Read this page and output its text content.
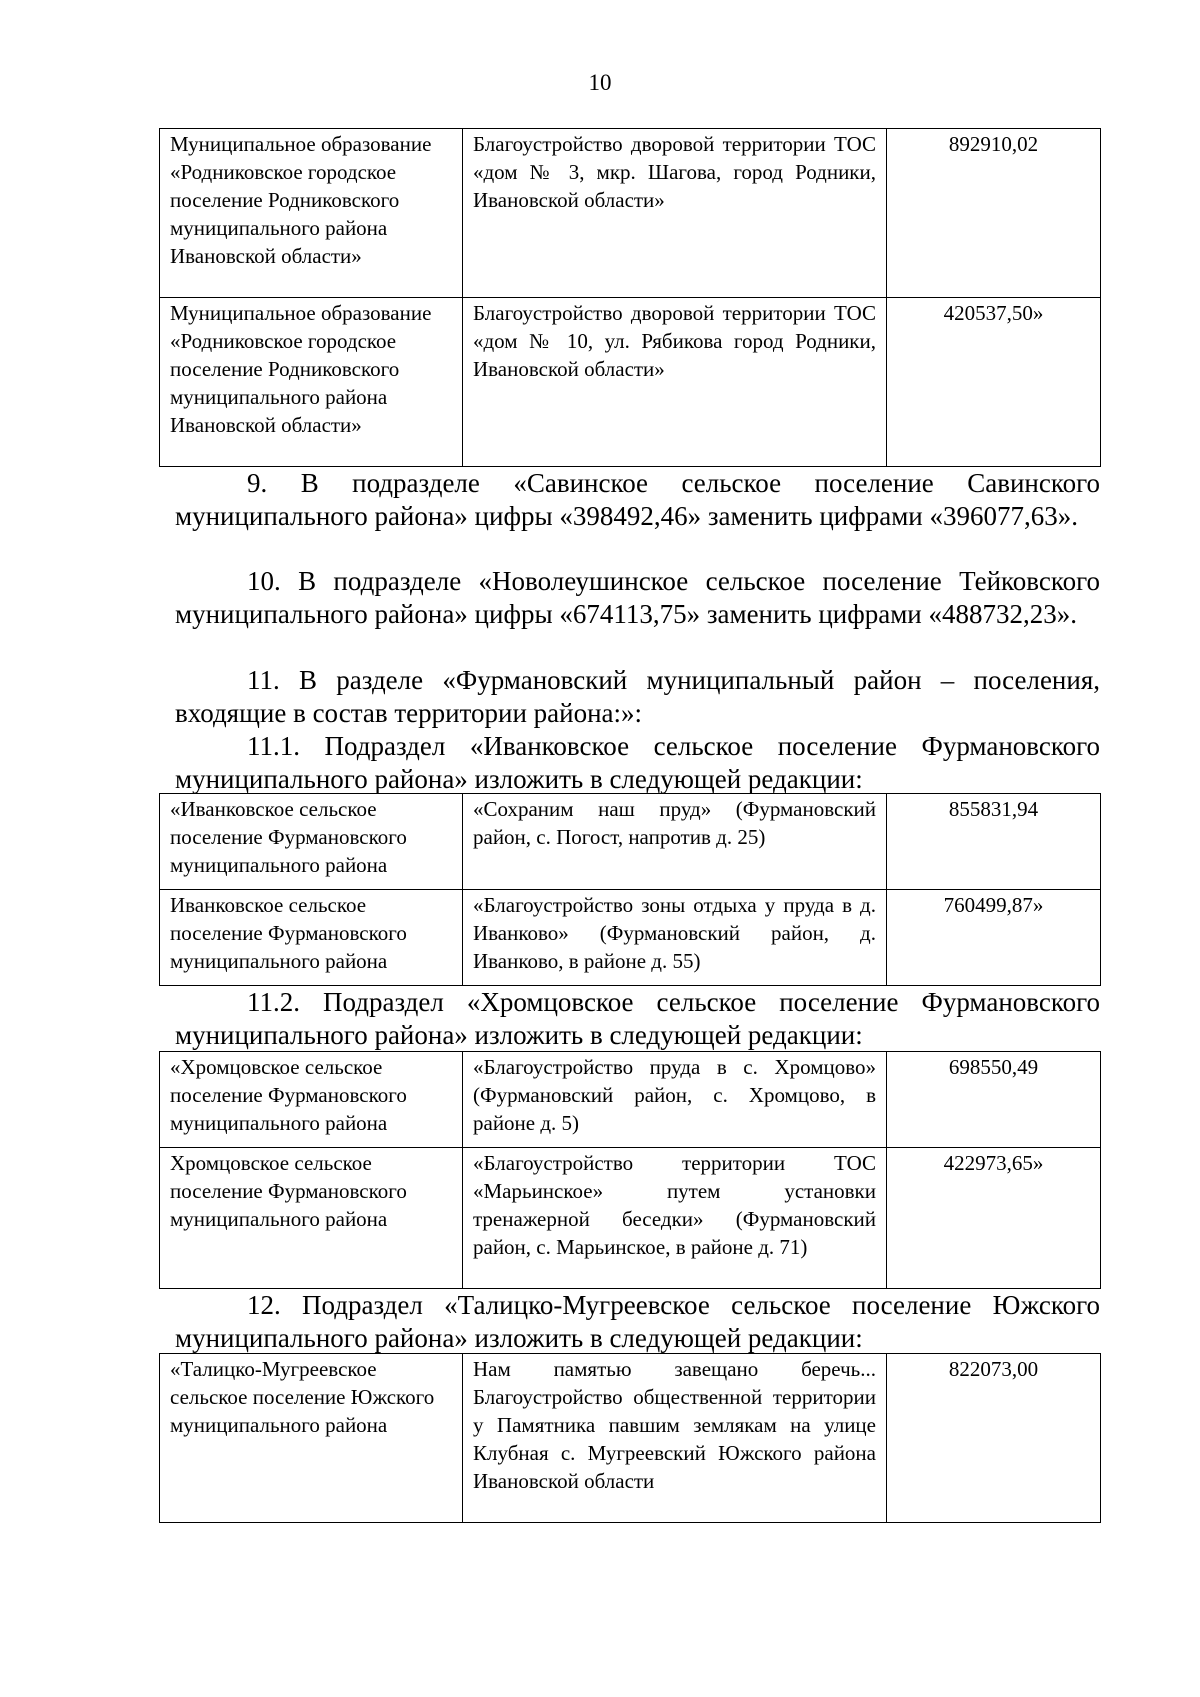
10
Муниципальное образование «Родниковское городское поселение Родниковского муниципального района Ивановской области»	Благоустройство дворовой территории ТОС «дом № 3, мкр. Шагова, город Родники, Ивановской области»	892910,02
Муниципальное образование «Родниковское городское поселение Родниковского муниципального района Ивановской области»	Благоустройство дворовой территории ТОС «дом № 10, ул. Рябикова город Родники, Ивановской области»	420537,50»

9. В подразделе «Савинское сельское поселение Савинского муниципального района» цифры «398492,46» заменить цифрами «396077,63».

10. В подразделе «Новолеушинское сельское поселение Тейковского муниципального района» цифры «674113,75» заменить цифрами «488732,23».

11. В разделе «Фурмановский муниципальный район – поселения, входящие в состав территории района:»:

11.1. Подраздел «Иванковское сельское поселение Фурмановского муниципального района» изложить в следующей редакции:

«Иванковское сельское поселение Фурмановского муниципального района	«Сохраним наш пруд» (Фурмановский район, с. Погост, напротив д. 25)	855831,94
Иванковское сельское поселение Фурмановского муниципального района	«Благоустройство зоны отдыха у пруда в д. Иванково» (Фурмановский район, д. Иванково, в районе д. 55)	760499,87»

11.2. Подраздел «Хромцовское сельское поселение Фурмановского муниципального района» изложить в следующей редакции:

«Хромцовское сельское поселение Фурмановского муниципального района	«Благоустройство пруда в с. Хромцово» (Фурмановский район, с. Хромцово, в районе д. 5)	698550,49
Хромцовское сельское поселение Фурмановского муниципального района	«Благоустройство территории ТОС «Марьинское» путем установки тренажерной беседки» (Фурмановский район, с. Марьинское, в районе д. 71)	422973,65»

12. Подраздел «Талицко-Мугреевское сельское поселение Южского муниципального района» изложить в следующей редакции:

«Талицко-Мугреевское сельское поселение Южского муниципального района	Нам памятью завещано беречь... Благоустройство общественной территории у Памятника павшим землякам на улице Клубная с. Мугреевский Южского района Ивановской области	822073,00
